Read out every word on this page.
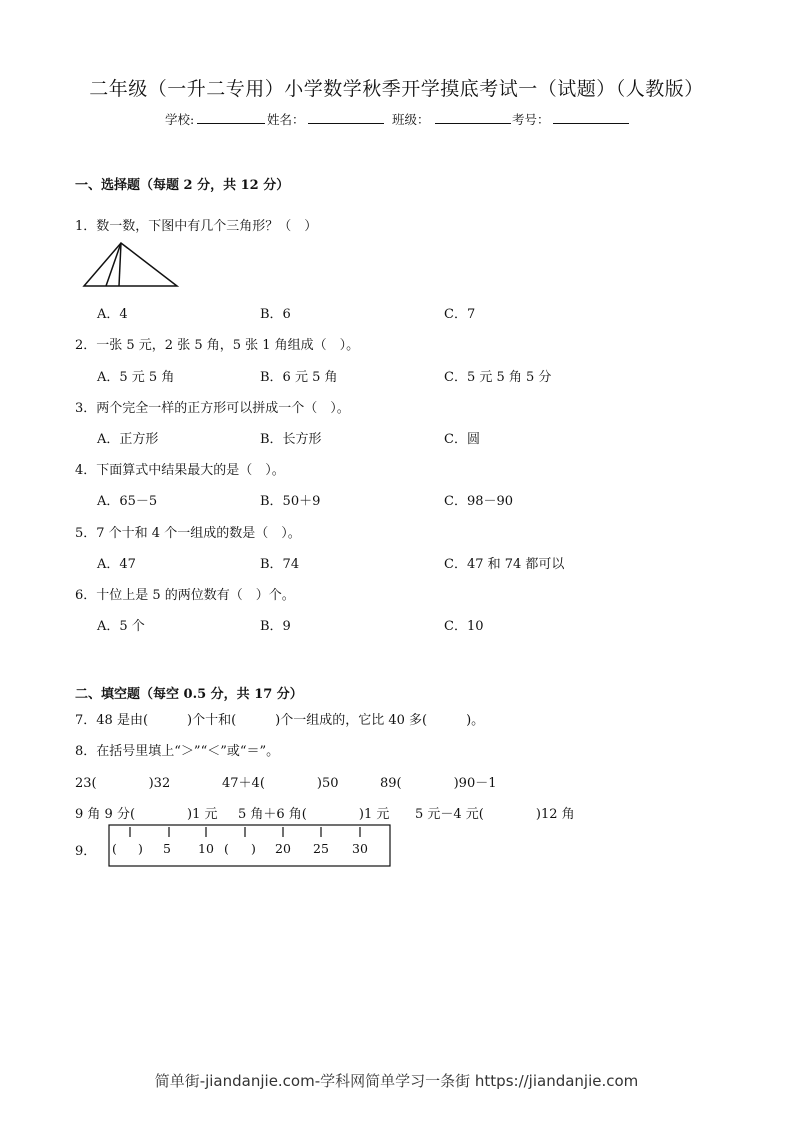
二年级（一升二专用）小学数学秋季开学摸底考试一（试题）（人教版）
学校:	姓名：	班级：	考号：
一、选择题（每题 2 分，共 12 分）
1．数一数，下图中有几个三角形？（　）
A．4	B．6	C．7
2．一张 5 元，2 张 5 角，5 张 1 角组成（　）。
A．5 元 5 角	B．6 元 5 角	C．5 元 5 角 5 分
3．两个完全一样的正方形可以拼成一个（　）。
A．正方形	B．长方形	C．圆
4．下面算式中结果最大的是（　）。
A．65－5	B．50＋9	C．98－90
5．7 个十和 4 个一组成的数是（　）。
A．47	B．74	C．47 和 74 都可以
6．十位上是 5 的两位数有（　）个。
A．5 个	B．9	C．10
二、填空题（每空 0.5 分，共 17 分）
7．48 是由(　　　)个十和(　　　)个一组成的，它比 40 多(　　　)。
8．在括号里填上“＞”“＜”或“＝”。
23(　　　　)32	47＋4(　　　　)50	89(　　　　)90－1
9 角 9 分(　　　　)1 元 5 角＋6 角(　　　　)1 元 5 元－4 元(　　　　)12 角
9． ( ) 5 10 ( ) 20 25 30
简单街-jiandanjie.com-学科网简单学习一条街 https://jiandanjie.com
